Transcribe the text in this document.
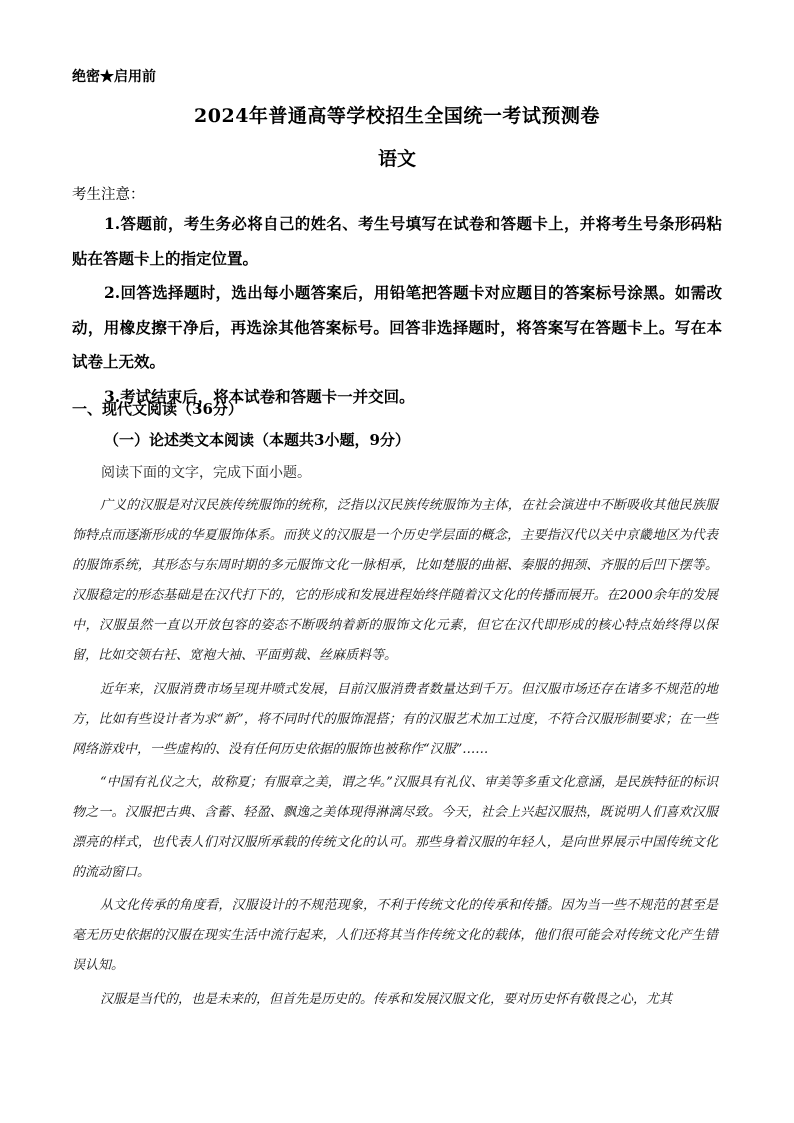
绝密★启用前
2024年普通高等学校招生全国统一考试预测卷
语文
考生注意：

1.答题前，考生务必将自己的姓名、考生号填写在试卷和答题卡上，并将考生号条形码粘贴在答题卡上的指定位置。

2.回答选择题时，选出每小题答案后，用铅笔把答题卡对应题目的答案标号涂黑。如需改动，用橡皮擦干净后，再选涂其他答案标号。回答非选择题时，将答案写在答题卡上。写在本试卷上无效。

3.考试结束后，将本试卷和答题卡一并交回。

一、现代文阅读（36分）
（一）论述类文本阅读（本题共3小题，9分）
阅读下面的文字，完成下面小题。

广义的汉服是对汉民族传统服饰的统称，泛指以汉民族传统服饰为主体，在社会演进中不断吸收其他民族服饰特点而逐渐形成的华夏服饰体系。而狭义的汉服是一个历史学层面的概念，主要指汉代以关中京畿地区为代表的服饰系统，其形态与东周时期的多元服饰文化一脉相承，比如楚服的曲裾、秦服的拥颈、齐服的后凹下摆等。汉服稳定的形态基础是在汉代打下的，它的形成和发展进程始终伴随着汉文化的传播而展开。在2000余年的发展中，汉服虽然一直以开放包容的姿态不断吸纳着新的服饰文化元素，但它在汉代即形成的核心特点始终得以保留，比如交领右衽、宽袍大袖、平面剪裁、丝麻质料等。

近年来，汉服消费市场呈现井喷式发展，目前汉服消费者数量达到千万。但汉服市场还存在诸多不规范的地方，比如有些设计者为求“新”，将不同时代的服饰混搭；有的汉服艺术加工过度，不符合汉服形制要求；在一些网络游戏中，一些虚构的、没有任何历史依据的服饰也被称作“汉服”……

“中国有礼仪之大，故称夏；有服章之美，谓之华。”汉服具有礼仪、审美等多重文化意涵，是民族特征的标识物之一。汉服把古典、含蓄、轻盈、飘逸之美体现得淋漓尽致。今天，社会上兴起汉服热，既说明人们喜欢汉服漂亮的样式，也代表人们对汉服所承载的传统文化的认可。那些身着汉服的年轻人，是向世界展示中国传统文化的流动窗口。

从文化传承的角度看，汉服设计的不规范现象，不利于传统文化的传承和传播。因为当一些不规范的甚至是毫无历史依据的汉服在现实生活中流行起来，人们还将其当作传统文化的载体，他们很可能会对传统文化产生错误认知。

汉服是当代的，也是未来的，但首先是历史的。传承和发展汉服文化，要对历史怀有敬畏之心，尤其
